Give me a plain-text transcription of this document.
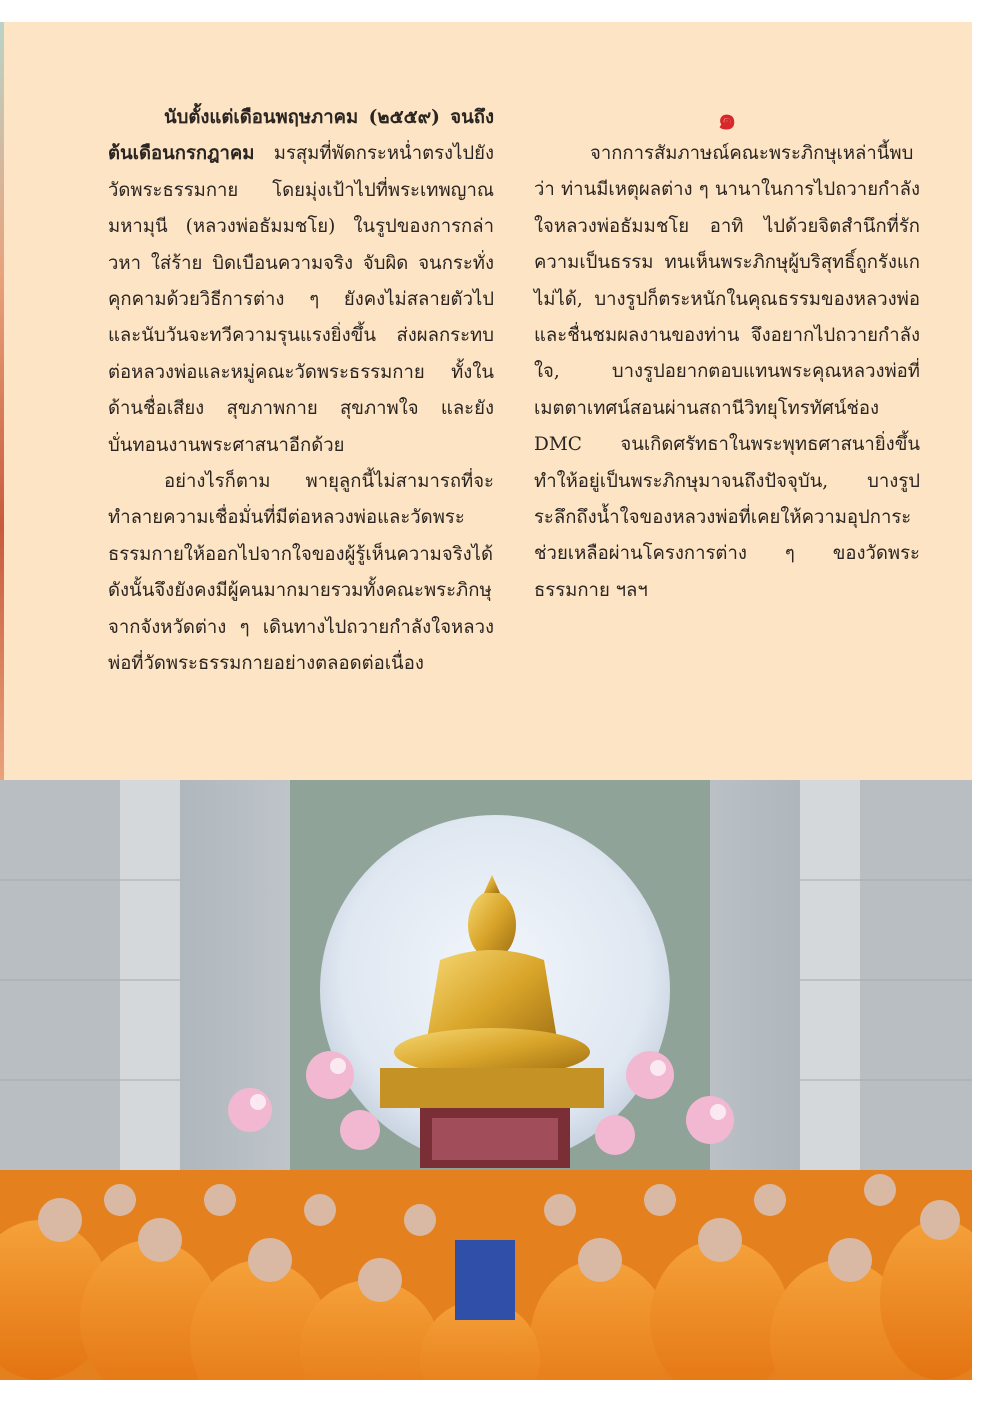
นับตั้งแต่เดือนพฤษภาคม (๒๕๕๙) จนถึงต้นเดือนกรกฎาคม มรสุมที่พัดกระหน่ำตรงไปยังวัดพระธรรมกาย โดยมุ่งเป้าไปที่พระเทพญาณมหามุนี (หลวงพ่อธัมมชโย) ในรูปของการกล่าวหา ใส่ร้าย บิดเบือนความจริง จับผิด จนกระทั่งคุกคามด้วยวิธีการต่าง ๆ ยังคงไม่สลายตัวไป และนับวันจะทวีความรุนแรงยิ่งขึ้น ส่งผลกระทบต่อหลวงพ่อและหมู่คณะวัดพระธรรมกาย ทั้งในด้านชื่อเสียง สุขภาพกาย สุขภาพใจ และยังบั่นทอนงานพระศาสนาอีกด้วย

อย่างไรก็ตาม พายุลูกนี้ไม่สามารถที่จะทำลายความเชื่อมั่นที่มีต่อหลวงพ่อและวัดพระธรรมกายให้ออกไปจากใจของผู้รู้เห็นความจริงได้ ดังนั้นจึงยังคงมีผู้คนมากมายรวมทั้งคณะพระภิกษุจากจังหวัดต่าง ๆ เดินทางไปถวายกำลังใจหลวงพ่อที่วัดพระธรรมกายอย่างตลอดต่อเนื่อง

๑

จากการสัมภาษณ์คณะพระภิกษุเหล่านี้พบว่า ท่านมีเหตุผลต่าง ๆ นานาในการไปถวายกำลังใจหลวงพ่อธัมมชโย อาทิ ไปด้วยจิตสำนึกที่รักความเป็นธรรม ทนเห็นพระภิกษุผู้บริสุทธิ์ถูกรังแกไม่ได้, บางรูปก็ตระหนักในคุณธรรมของหลวงพ่อและชื่นชมผลงานของท่าน จึงอยากไปถวายกำลังใจ, บางรูปอยากตอบแทนพระคุณหลวงพ่อที่เมตตาเทศน์สอนผ่านสถานีวิทยุโทรทัศน์ช่อง DMC จนเกิดศรัทธาในพระพุทธศาสนายิ่งขึ้น ทำให้อยู่เป็นพระภิกษุมาจนถึงปัจจุบัน, บางรูประลึกถึงน้ำใจของหลวงพ่อที่เคยให้ความอุปการะช่วยเหลือผ่านโครงการต่าง ๆ ของวัดพระธรรมกาย ฯลฯ
